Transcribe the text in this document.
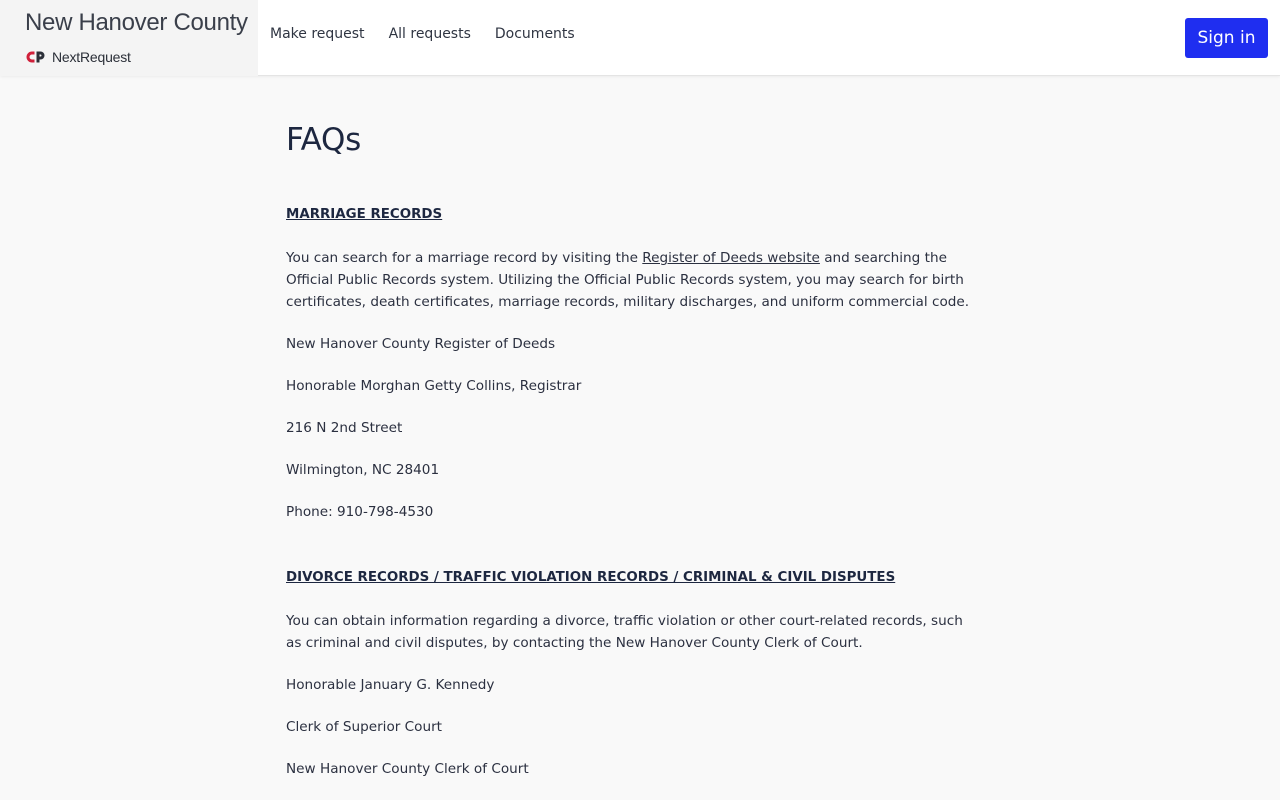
New Hanover County
NextRequest
Make request All requests Documents	Sign in
FAQs
MARRIAGE RECORDS

You can search for a marriage record by visiting the Register of Deeds website and searching the Official Public Records system. Utilizing the Official Public Records system, you may search for birth certificates, death certificates, marriage records, military discharges, and uniform commercial code.

New Hanover County Register of Deeds

Honorable Morghan Getty Collins, Registrar

216 N 2nd Street

Wilmington, NC 28401

Phone: 910-798-4530

DIVORCE RECORDS / TRAFFIC VIOLATION RECORDS / CRIMINAL & CIVIL DISPUTES

You can obtain information regarding a divorce, traffic violation or other court-related records, such as criminal and civil disputes, by contacting the New Hanover County Clerk of Court.

Honorable January G. Kennedy

Clerk of Superior Court

New Hanover County Clerk of Court
